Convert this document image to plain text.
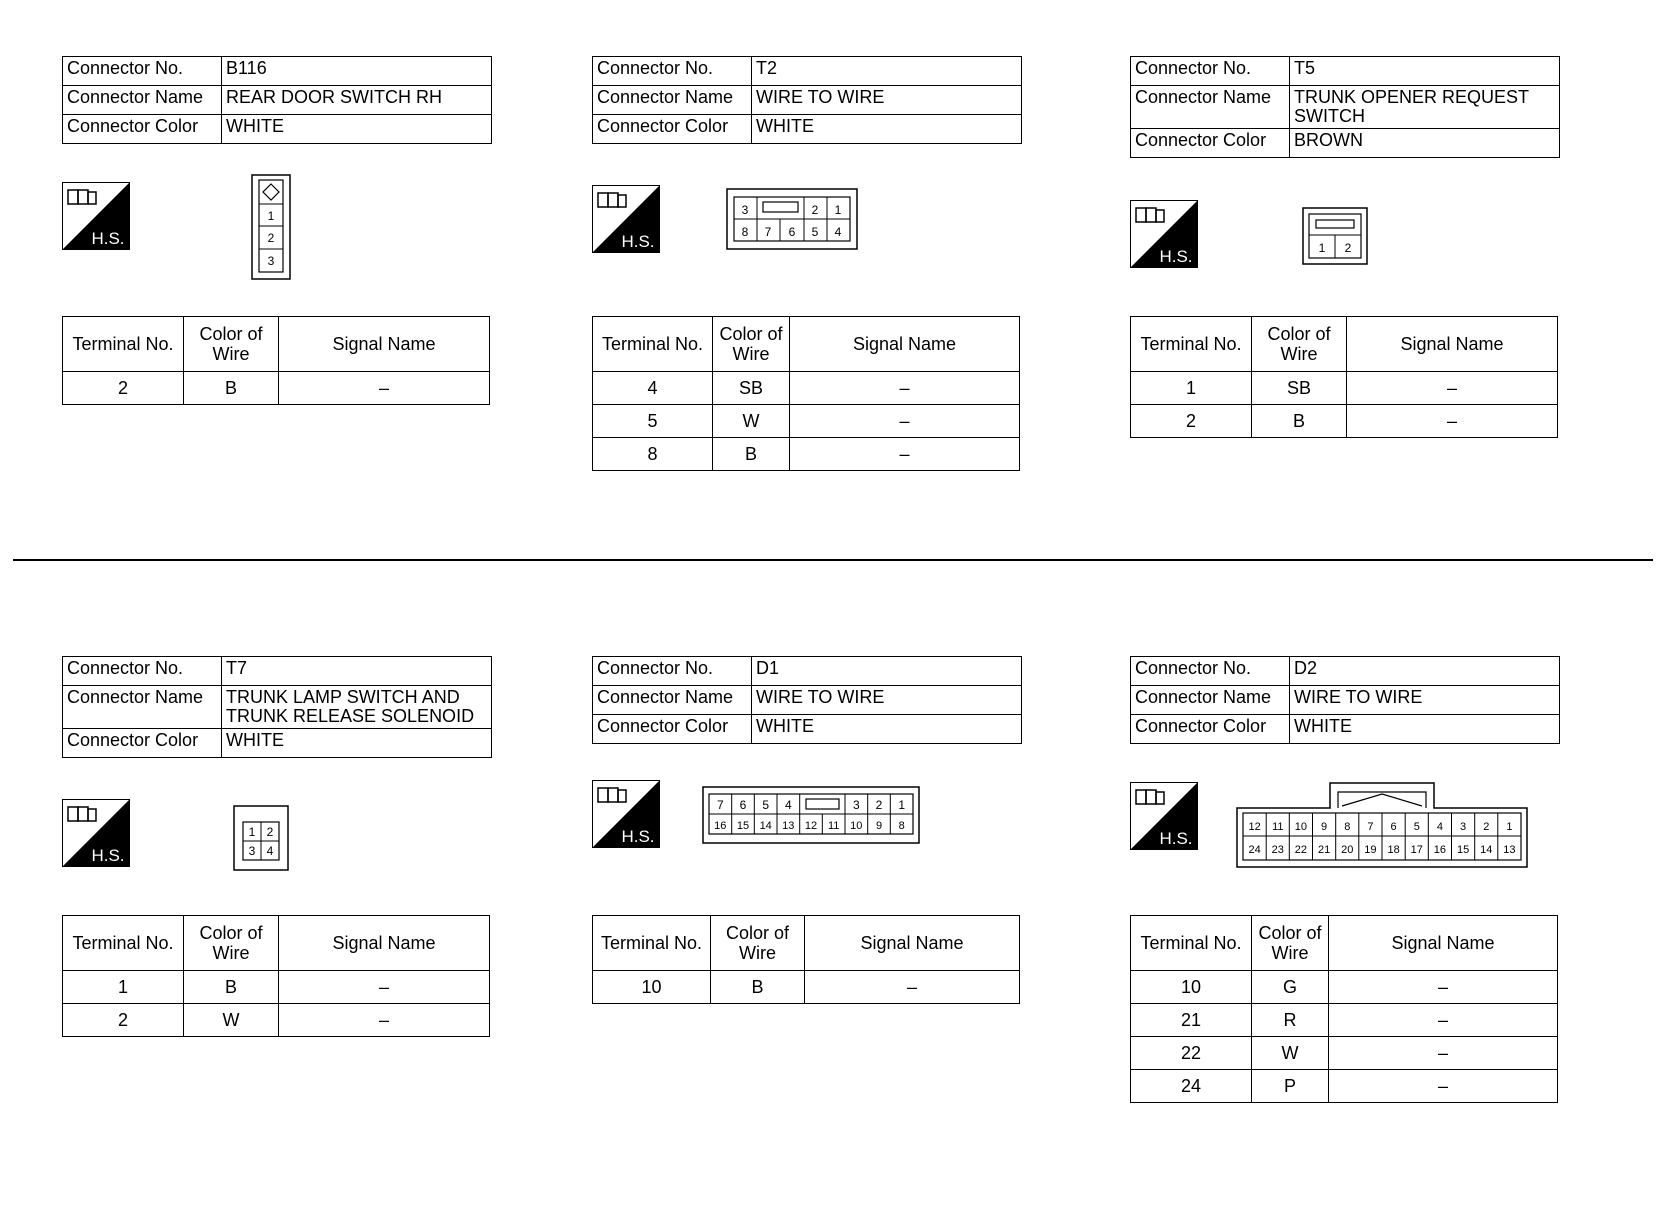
Connector No.	B116
Connector Name	REAR DOOR SWITCH RH
Connector Color	WHITE
H.S.
1
2
3
Terminal No.	Color of Wire	Signal Name
2	B	–
Connector No.	T2
Connector Name	WIRE TO WIRE
Connector Color	WHITE
H.S.
3	2 1
8 7 6 5 4
Terminal No.	Color of Wire	Signal Name
4	SB	–
5	W	–
8	B	–
Connector No.	T5
Connector Name	TRUNK OPENER REQUEST SWITCH
Connector Color	BROWN
H.S.	1 2
Terminal No.	Color of Wire	Signal Name
1	SB	–
2	B	–
Connector No.	T7
Connector Name	TRUNK LAMP SWITCH AND TRUNK RELEASE SOLENOID
Connector Color	WHITE
H.S.
1 2
3 4
Terminal No.	Color of Wire	Signal Name
1	B	–
2	W	–
Connector No.	D1
Connector Name	WIRE TO WIRE
Connector Color	WHITE
H.S.
7 6 5 4	3 2 1
16 15 14 13 12 11 10 9 8
Terminal No.	Color of Wire	Signal Name
10	B	–
Connector No.	D2
Connector Name	WIRE TO WIRE
Connector Color	WHITE
H.S.
12 11 10 9 8 7 6 5 4 3 2 1
24 23 22 21 20 19 18 17 16 15 14 13
Terminal No.	Color of Wire	Signal Name
10	G	–
21	R	–
22	W	–
24	P	–
